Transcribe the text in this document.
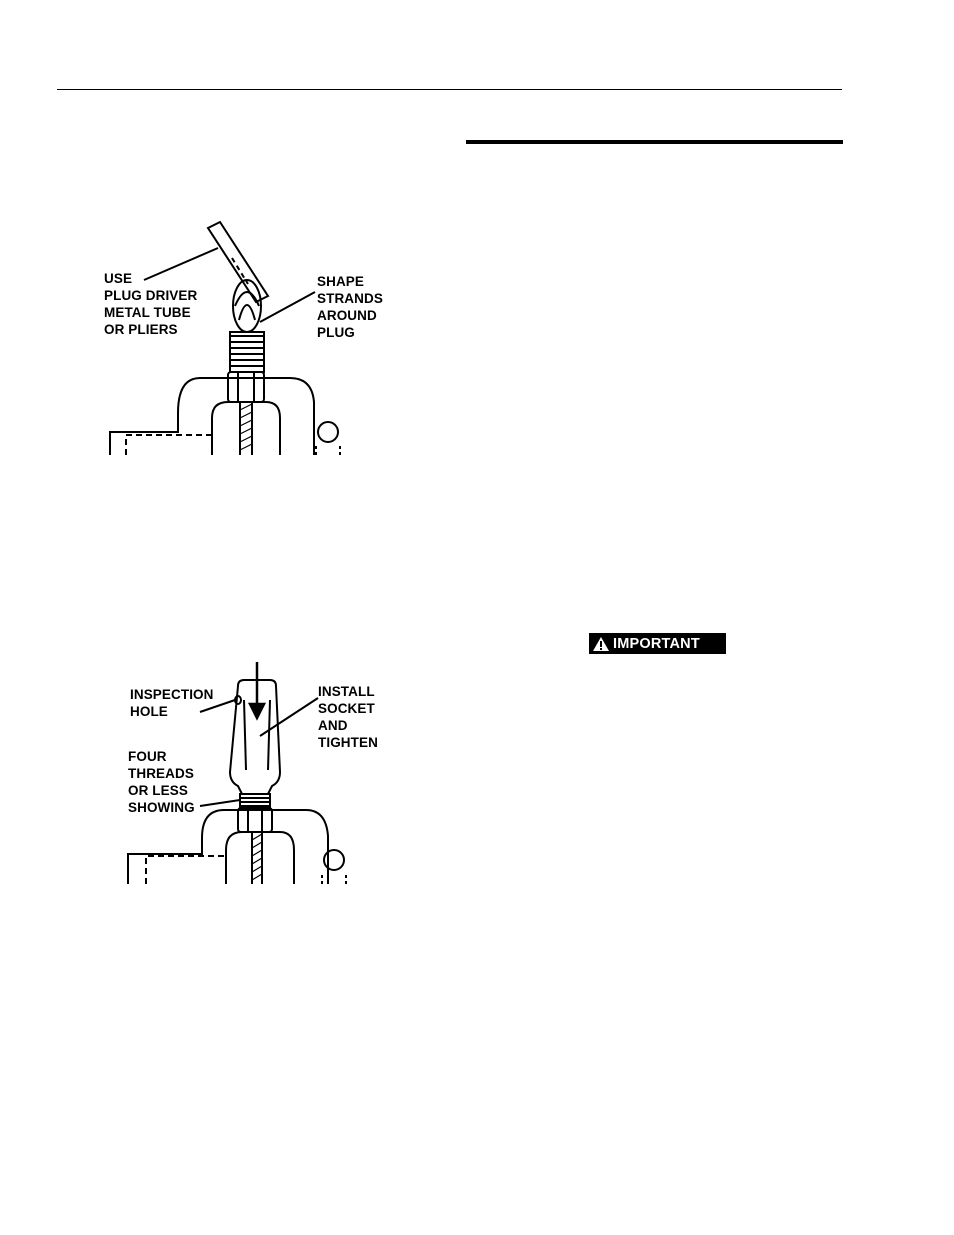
USE
PLUG DRIVER
METAL TUBE
OR PLIERS
SHAPE
STRANDS
AROUND
PLUG
INSPECTION
HOLE
INSTALL
SOCKET
AND
TIGHTEN
FOUR
THREADS
OR LESS
SHOWING
IMPORTANT
